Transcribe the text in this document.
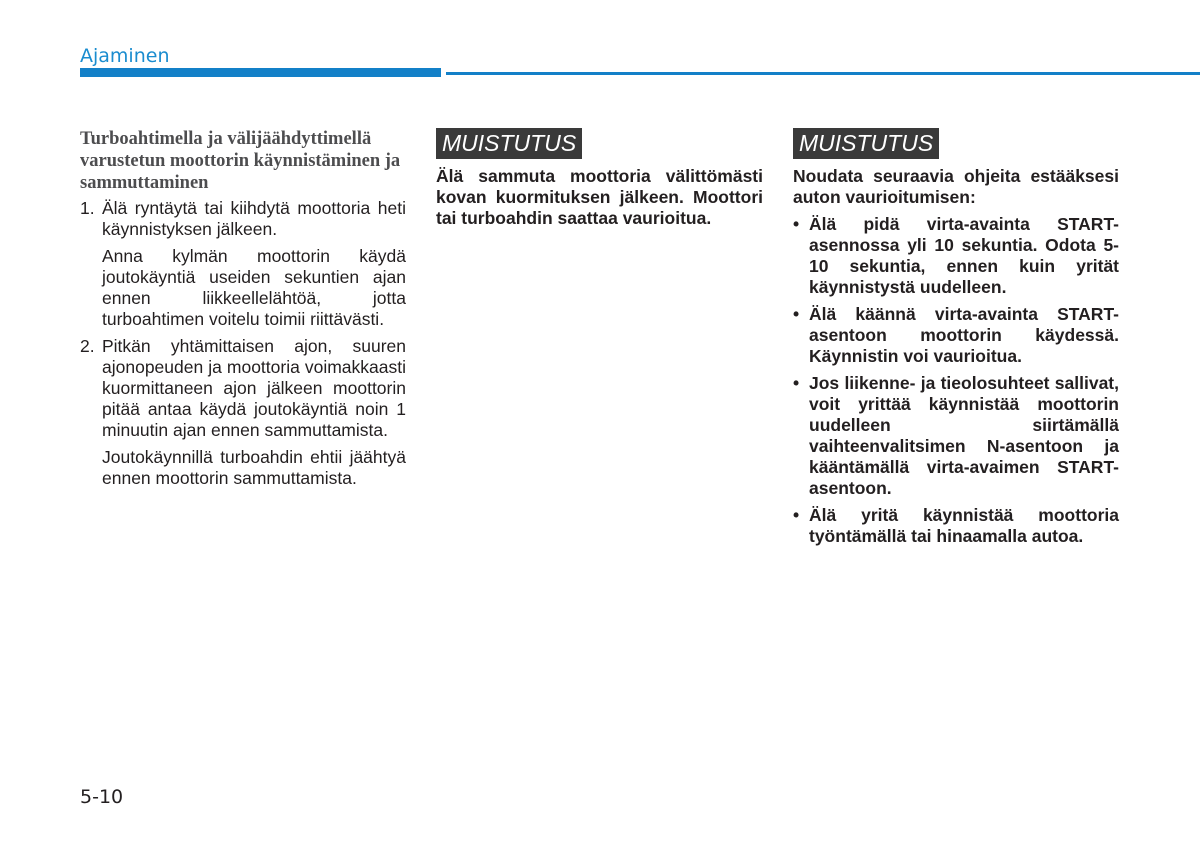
Ajaminen
Turboahtimella ja välijäähdyttimellä varustetun moottorin käynnistäminen ja sammuttaminen
1. Älä ryntäytä tai kiihdytä moottoria heti käynnistyksen jälkeen.

Anna kylmän moottorin käydä joutokäyntiä useiden sekuntien ajan ennen liikkeellelähtöä, jotta turboahtimen voitelu toimii riittävästi.

2. Pitkän yhtämittaisen ajon, suuren ajonopeuden ja moottoria voimakkaasti kuormittaneen ajon jälkeen moottorin pitää antaa käydä joutokäyntiä noin 1 minuutin ajan ennen sammuttamista.

Joutokäynnillä turboahdin ehtii jäähtyä ennen moottorin sammuttamista.

MUISTUTUS

Älä sammuta moottoria välittömästi kovan kuormituksen jälkeen. Moottori tai turboahdin saattaa vaurioitua.

MUISTUTUS

Noudata seuraavia ohjeita estääksesi auton vaurioitumisen:

• Älä pidä virta-avainta START-asennossa yli 10 sekuntia. Odota 5-10 sekuntia, ennen kuin yrität käynnistystä uudelleen.

• Älä käännä virta-avainta START-asentoon moottorin käydessä. Käynnistin voi vaurioitua.

• Jos liikenne- ja tieolosuhteet sallivat, voit yrittää käynnistää moottorin uudelleen siirtämällä vaihteenvalitsimen N-asentoon ja kääntämällä virta-avaimen START-asentoon.

• Älä yritä käynnistää moottoria työntämällä tai hinaamalla autoa.

5-10
